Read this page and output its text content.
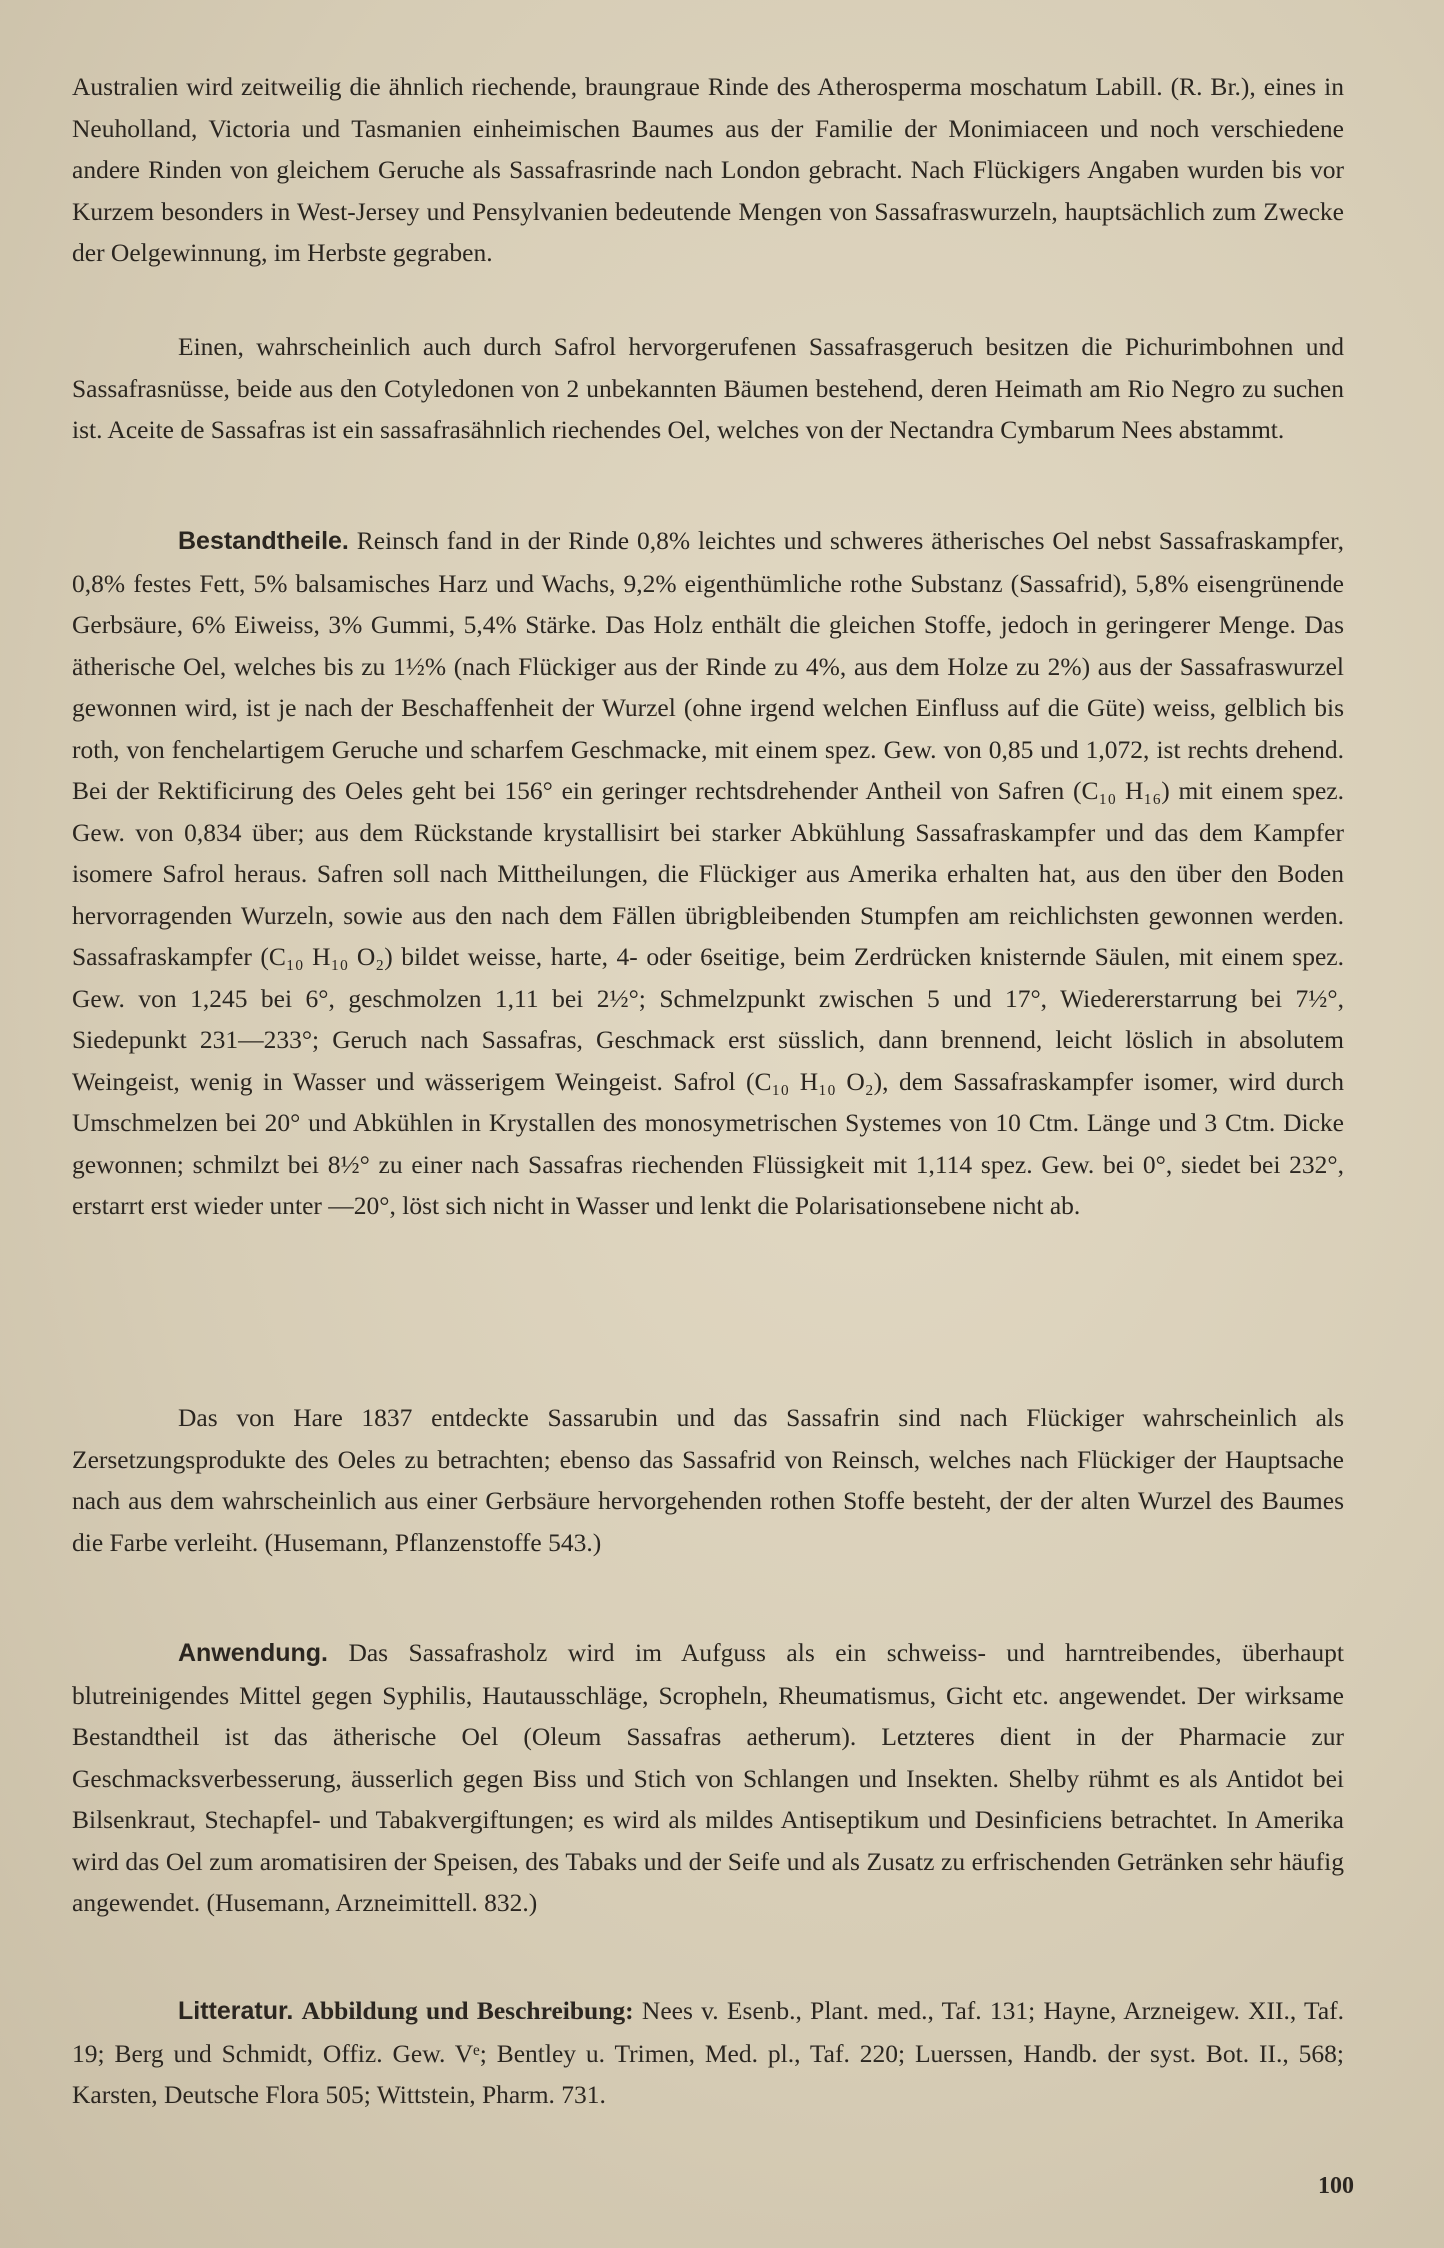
Australien wird zeitweilig die ähnlich riechende, braungraue Rinde des Atherosperma moschatum Labill. (R. Br.), eines in Neuholland, Victoria und Tasmanien einheimischen Baumes aus der Familie der Monimiaceen und noch verschiedene andere Rinden von gleichem Geruche als Sassafrasrinde nach London gebracht. Nach Flückigers Angaben wurden bis vor Kurzem besonders in West-Jersey und Pensylvanien bedeutende Mengen von Sassafraswurzeln, hauptsächlich zum Zwecke der Oelgewinnung, im Herbste gegraben.

Einen, wahrscheinlich auch durch Safrol hervorgerufenen Sassafrasgeruch besitzen die Pichurimbohnen und Sassafrasnüsse, beide aus den Cotyledonen von 2 unbekannten Bäumen bestehend, deren Heimath am Rio Negro zu suchen ist. Aceite de Sassafras ist ein sassafrasähnlich riechendes Oel, welches von der Nectandra Cymbarum Nees abstammt.

Bestandtheile. Reinsch fand in der Rinde 0,8% leichtes und schweres ätherisches Oel nebst Sassafraskampfer, 0,8% festes Fett, 5% balsamisches Harz und Wachs, 9,2% eigenthümliche rothe Substanz (Sassafrid), 5,8% eisengrünende Gerbsäure, 6% Eiweiss, 3% Gummi, 5,4% Stärke. Das Holz enthält die gleichen Stoffe, jedoch in geringerer Menge. Das ätherische Oel, welches bis zu 1½% (nach Flückiger aus der Rinde zu 4%, aus dem Holze zu 2%) aus der Sassafraswurzel gewonnen wird, ist je nach der Beschaffenheit der Wurzel (ohne irgend welchen Einfluss auf die Güte) weiss, gelblich bis roth, von fenchelartigem Geruche und scharfem Geschmacke, mit einem spez. Gew. von 0,85 und 1,072, ist rechts drehend. Bei der Rektificirung des Oeles geht bei 156° ein geringer rechtsdrehender Antheil von Safren (C₁₀ H₁₆) mit einem spez. Gew. von 0,834 über; aus dem Rückstande krystallisirt bei starker Abkühlung Sassafraskampfer und das dem Kampfer isomere Safrol heraus. Safren soll nach Mittheilungen, die Flückiger aus Amerika erhalten hat, aus den über den Boden hervorragenden Wurzeln, sowie aus den nach dem Fällen übrigbleibenden Stumpfen am reichlichsten gewonnen werden. Sassafraskampfer (C₁₀ H₁₀ O₂) bildet weisse, harte, 4- oder 6seitige, beim Zerdrücken knisternde Säulen, mit einem spez. Gew. von 1,245 bei 6°, geschmolzen 1,11 bei 2½°; Schmelzpunkt zwischen 5 und 17°, Wiedererstarrung bei 7½°, Siedepunkt 231—233°; Geruch nach Sassafras, Geschmack erst süsslich, dann brennend, leicht löslich in absolutem Weingeist, wenig in Wasser und wässerigem Weingeist. Safrol (C₁₀ H₁₀ O₂), dem Sassafraskampfer isomer, wird durch Umschmelzen bei 20° und Abkühlen in Krystallen des monosymetrischen Systemes von 10 Ctm. Länge und 3 Ctm. Dicke gewonnen; schmilzt bei 8½° zu einer nach Sassafras riechenden Flüssigkeit mit 1,114 spez. Gew. bei 0°, siedet bei 232°, erstarrt erst wieder unter —20°, löst sich nicht in Wasser und lenkt die Polarisationsebene nicht ab.

Das von Hare 1837 entdeckte Sassarubin und das Sassafrin sind nach Flückiger wahrscheinlich als Zersetzungsprodukte des Oeles zu betrachten; ebenso das Sassafrid von Reinsch, welches nach Flückiger der Hauptsache nach aus dem wahrscheinlich aus einer Gerbsäure hervorgehenden rothen Stoffe besteht, der der alten Wurzel des Baumes die Farbe verleiht. (Husemann, Pflanzenstoffe 543.)

Anwendung. Das Sassafrasholz wird im Aufguss als ein schweiss- und harntreibendes, überhaupt blutreinigendes Mittel gegen Syphilis, Hautausschläge, Scropheln, Rheumatismus, Gicht etc. angewendet. Der wirksame Bestandtheil ist das ätherische Oel (Oleum Sassafras aetherum). Letzteres dient in der Pharmacie zur Geschmacksverbesserung, äusserlich gegen Biss und Stich von Schlangen und Insekten. Shelby rühmt es als Antidot bei Bilsenkraut, Stechapfel- und Tabakvergiftungen; es wird als mildes Antiseptikum und Desinficiens betrachtet. In Amerika wird das Oel zum aromatisiren der Speisen, des Tabaks und der Seife und als Zusatz zu erfrischenden Getränken sehr häufig angewendet. (Husemann, Arzneimittell. 832.)

Litteratur. Abbildung und Beschreibung: Nees v. Esenb., Plant. med., Taf. 131; Hayne, Arzneigew. XII., Taf. 19; Berg und Schmidt, Offiz. Gew. Vᵉ; Bentley u. Trimen, Med. pl., Taf. 220; Luerssen, Handb. der syst. Bot. II., 568; Karsten, Deutsche Flora 505; Wittstein, Pharm. 731.

100
